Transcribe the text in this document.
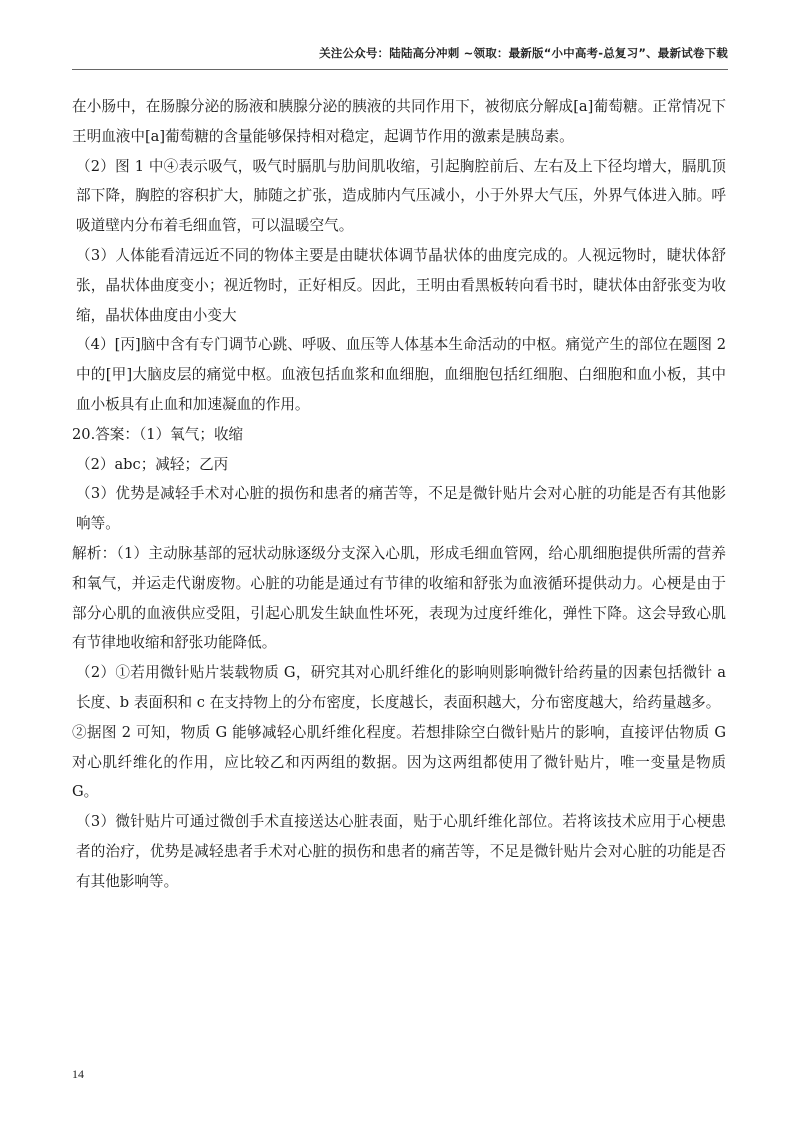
关注公众号：陆陆高分冲刺 ~领取：最新版“小中高考-总复习”、最新试卷下载

在小肠中，在肠腺分泌的肠液和胰腺分泌的胰液的共同作用下，被彻底分解成[a]葡萄糖。正常情况下王明血液中[a]葡萄糖的含量能够保持相对稳定，起调节作用的激素是胰岛素。

（2）图 1 中④表示吸气，吸气时膈肌与肋间肌收缩，引起胸腔前后、左右及上下径均增大，膈肌顶部下降，胸腔的容积扩大，肺随之扩张，造成肺内气压减小，小于外界大气压，外界气体进入肺。呼吸道壁内分布着毛细血管，可以温暖空气。

（3）人体能看清远近不同的物体主要是由睫状体调节晶状体的曲度完成的。人视远物时，睫状体舒张，晶状体曲度变小；视近物时，正好相反。因此，王明由看黑板转向看书时，睫状体由舒张变为收缩，晶状体曲度由小变大

（4）[丙]脑中含有专门调节心跳、呼吸、血压等人体基本生命活动的中枢。痛觉产生的部位在题图 2 中的[甲]大脑皮层的痛觉中枢。血液包括血浆和血细胞，血细胞包括红细胞、白细胞和血小板，其中血小板具有止血和加速凝血的作用。

20.答案：（1）氧气；收缩

（2）abc；减轻；乙丙

（3）优势是减轻手术对心脏的损伤和患者的痛苦等，不足是微针贴片会对心脏的功能是否有其他影响等。

解析：（1）主动脉基部的冠状动脉逐级分支深入心肌，形成毛细血管网，给心肌细胞提供所需的营养和氧气，并运走代谢废物。心脏的功能是通过有节律的收缩和舒张为血液循环提供动力。心梗是由于部分心肌的血液供应受阻，引起心肌发生缺血性坏死，表现为过度纤维化，弹性下降。这会导致心肌有节律地收缩和舒张功能降低。

（2）①若用微针贴片装载物质 G，研究其对心肌纤维化的影响则影响微针给药量的因素包括微针 a 长度、b 表面积和 c 在支持物上的分布密度，长度越长，表面积越大，分布密度越大，给药量越多。

②据图 2 可知，物质 G 能够减轻心肌纤维化程度。若想排除空白微针贴片的影响，直接评估物质 G 对心肌纤维化的作用，应比较乙和丙两组的数据。因为这两组都使用了微针贴片，唯一变量是物质 G。

（3）微针贴片可通过微创手术直接送达心脏表面，贴于心肌纤维化部位。若将该技术应用于心梗患者的治疗，优势是减轻患者手术对心脏的损伤和患者的痛苦等，不足是微针贴片会对心脏的功能是否有其他影响等。

14
